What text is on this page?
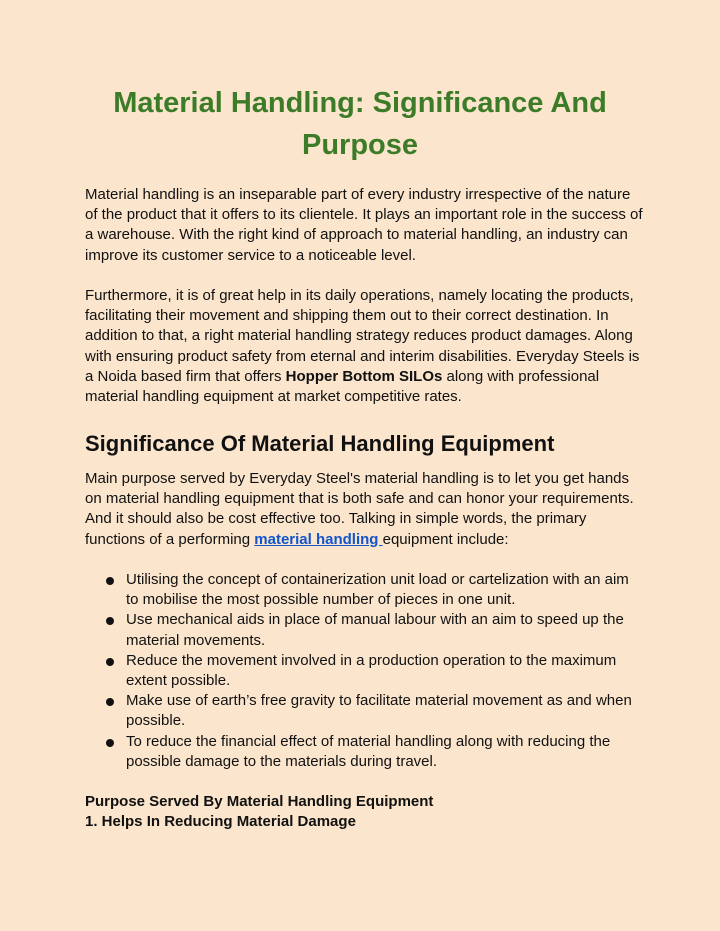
Material Handling: Significance And Purpose

Material handling is an inseparable part of every industry irrespective of the nature of the product that it offers to its clientele. It plays an important role in the success of a warehouse. With the right kind of approach to material handling, an industry can improve its customer service to a noticeable level.

Furthermore, it is of great help in its daily operations, namely locating the products, facilitating their movement and shipping them out to their correct destination. In addition to that, a right material handling strategy reduces product damages. Along with ensuring product safety from eternal and interim disabilities. Everyday Steels is a Noida based firm that offers Hopper Bottom SILOs along with professional material handling equipment at market competitive rates.

Significance Of Material Handling Equipment

Main purpose served by Everyday Steel's material handling is to let you get hands on material handling equipment that is both safe and can honor your requirements. And it should also be cost effective too. Talking in simple words, the primary functions of a performing material handling equipment include:

Utilising the concept of containerization unit load or cartelization with an aim to mobilise the most possible number of pieces in one unit.
Use mechanical aids in place of manual labour with an aim to speed up the material movements.
Reduce the movement involved in a production operation to the maximum extent possible.
Make use of earth’s free gravity to facilitate material movement as and when possible.
To reduce the financial effect of material handling along with reducing the possible damage to the materials during travel.

Purpose Served By Material Handling Equipment

1. Helps In Reducing Material Damage
